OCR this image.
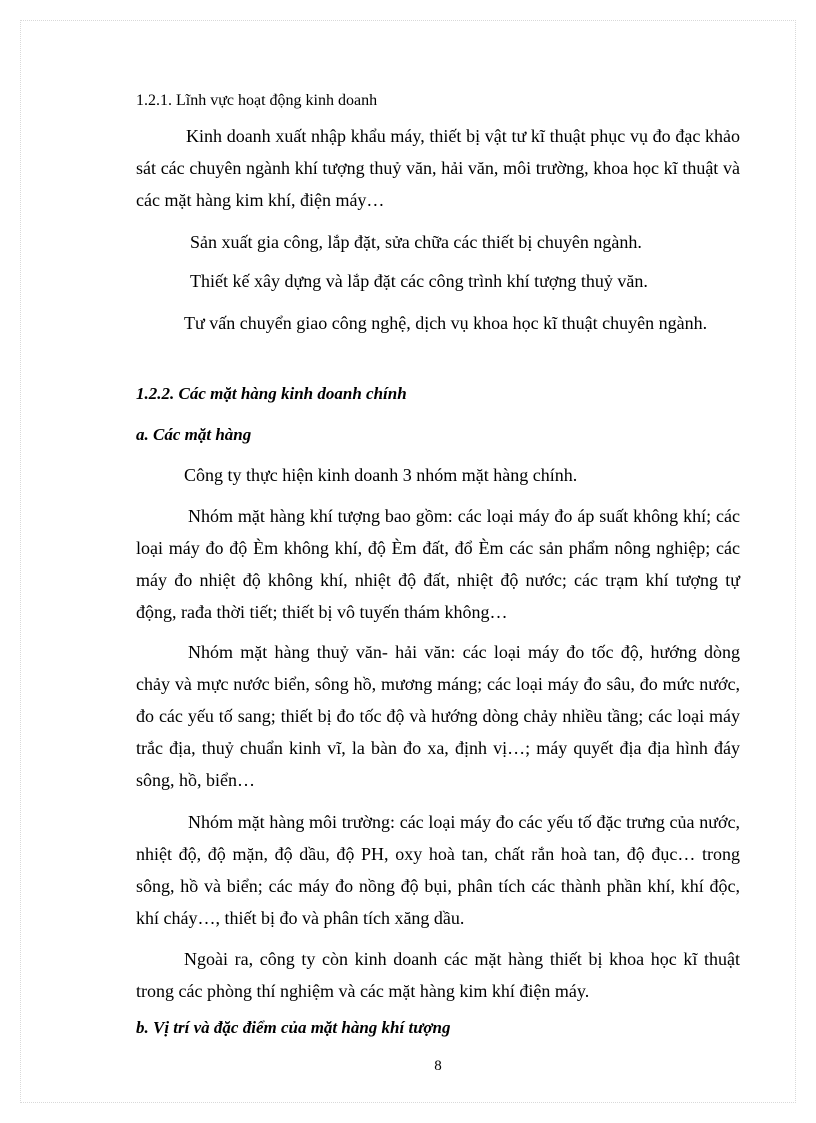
1.2.1. Lĩnh vực hoạt động kinh doanh

Kinh doanh xuất nhập khẩu máy, thiết bị vật tư kĩ thuật phục vụ đo đạc khảo sát các chuyên ngành khí tượng thuỷ văn, hải văn, môi trường, khoa học kĩ thuật và các mặt hàng kim khí, điện máy…

Sản xuất gia công, lắp đặt, sửa chữa các thiết bị chuyên ngành.

Thiết kế xây dựng và lắp đặt các công trình khí tượng thuỷ văn.

Tư vấn chuyển giao công nghệ, dịch vụ khoa học kĩ thuật chuyên ngành.

1.2.2. Các mặt hàng kinh doanh chính

a. Các mặt hàng

Công ty thực hiện kinh doanh 3 nhóm mặt hàng chính.

Nhóm mặt hàng khí tượng bao gồm: các loại máy đo áp suất không khí; các loại máy đo độ Èm không khí, độ Èm đất, đổ Èm các sản phẩm nông nghiệp; các máy đo nhiệt độ không khí, nhiệt độ đất, nhiệt độ nước; các trạm khí tượng tự động, rađa thời tiết; thiết bị vô tuyến thám không…

Nhóm mặt hàng thuỷ văn- hải văn: các loại máy đo tốc độ, hướng dòng chảy và mực nước biển, sông hồ, mương máng; các loại máy đo sâu, đo mức nước, đo các yếu tố sang; thiết bị đo tốc độ và hướng dòng chảy nhiều tầng; các loại máy trắc địa, thuỷ chuẩn kinh vĩ, la bàn đo xa, định vị…; máy quyết địa địa hình đáy sông, hồ, biển…

Nhóm mặt hàng môi trường: các loại máy đo các yếu tố đặc trưng của nước, nhiệt độ, độ mặn, độ dầu, độ PH, oxy hoà tan, chất rắn hoà tan, độ đục… trong sông, hồ và biển; các máy đo nồng độ bụi, phân tích các thành phần khí, khí độc, khí cháy…, thiết bị đo và phân tích xăng dầu.

Ngoài ra, công ty còn kinh doanh các mặt hàng thiết bị khoa học kĩ thuật trong các phòng thí nghiệm và các mặt hàng kim khí điện máy.

b. Vị trí và đặc điểm của mặt hàng khí tượng

8
